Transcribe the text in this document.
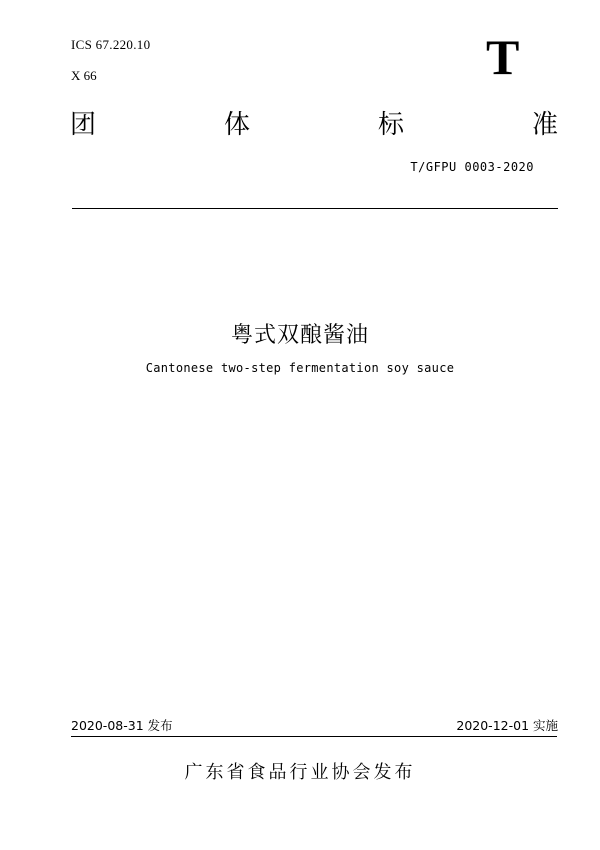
ICS 67.220.10
X 66	T
团	体	标	准
T/GFPU 0003-2020
粤式双酿酱油
Cantonese two-step fermentation soy sauce
2020-08-31 发布	2020-12-01 实施
广东省食品行业协会发布
